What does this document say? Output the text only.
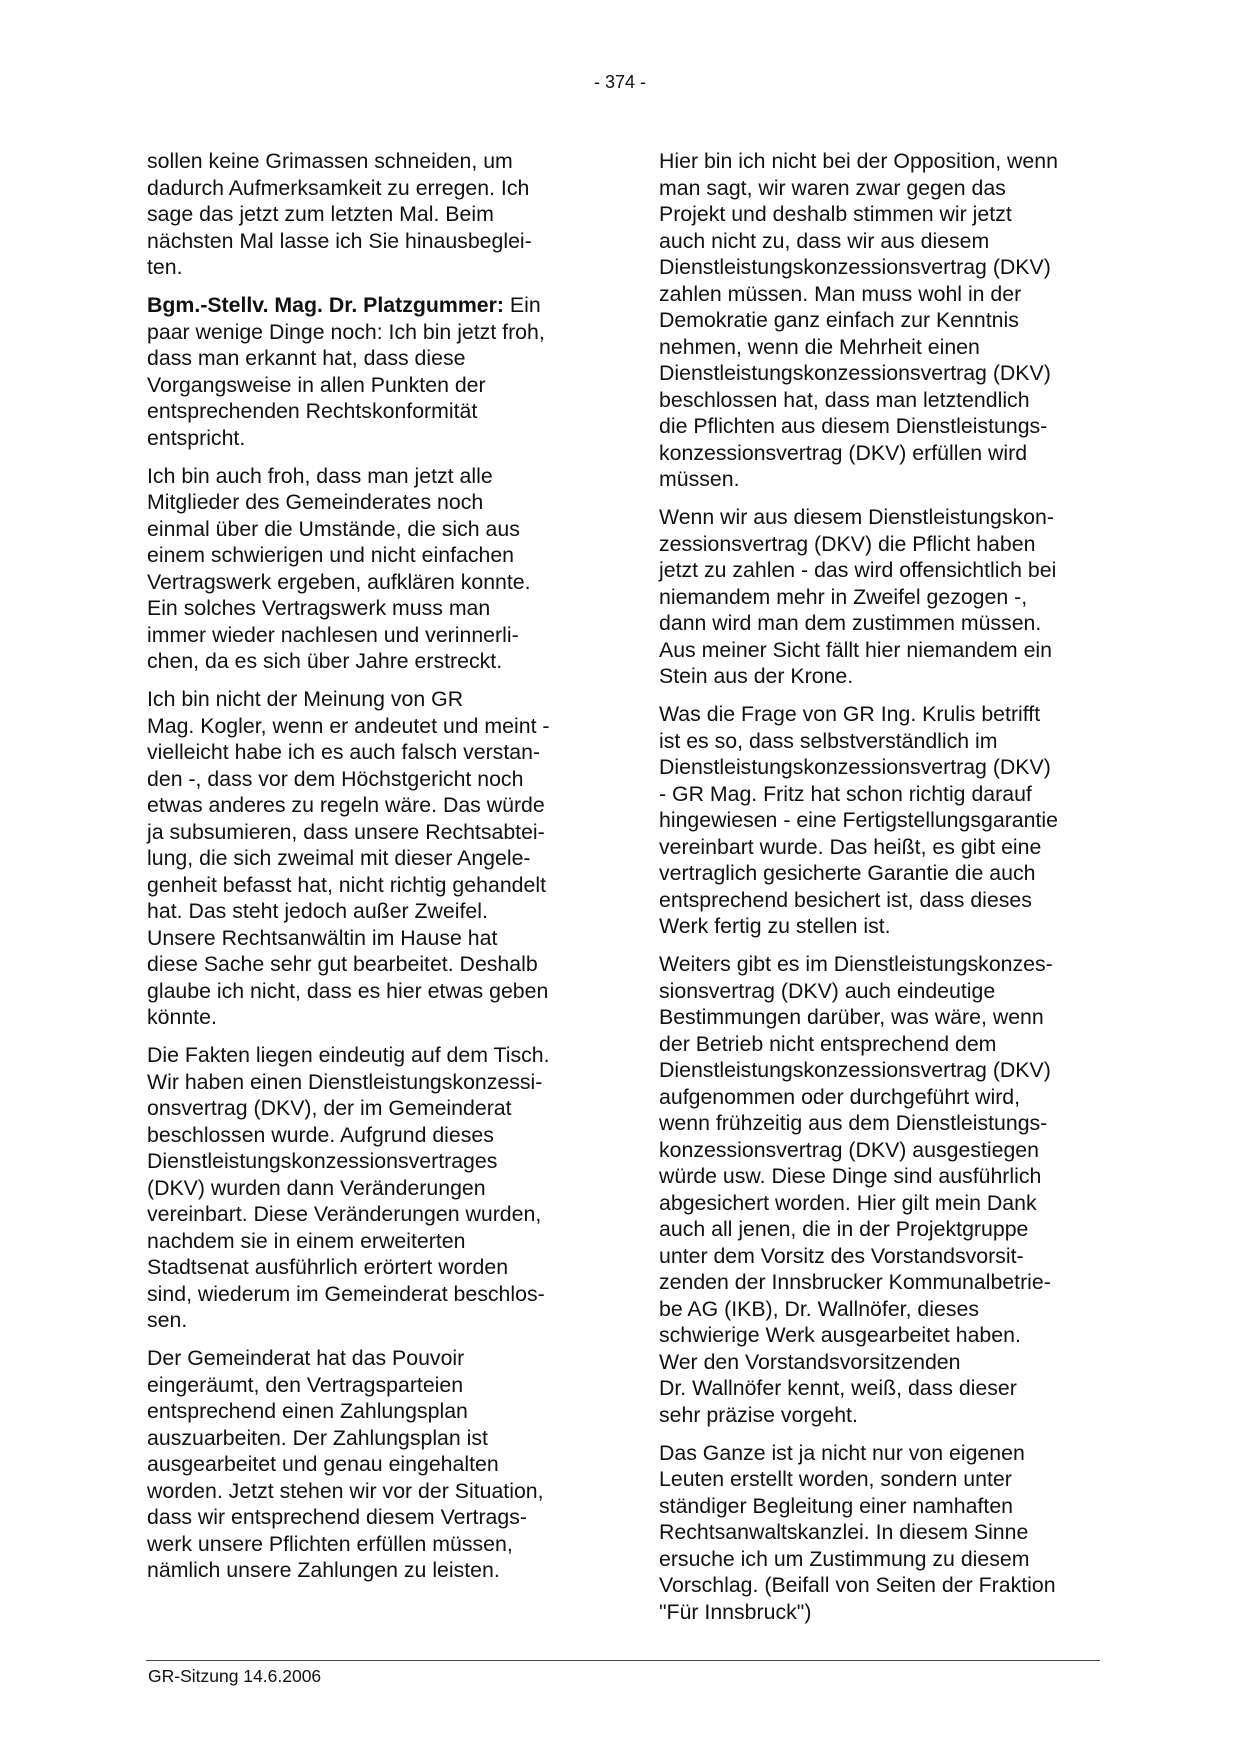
- 374 -
sollen keine Grimassen schneiden, um
dadurch Aufmerksamkeit zu erregen. Ich
sage das jetzt zum letzten Mal. Beim
nächsten Mal lasse ich Sie hinausbeglei-
ten.
Bgm.-Stellv. Mag. Dr. Platzgummer: Ein
paar wenige Dinge noch: Ich bin jetzt froh,
dass man erkannt hat, dass diese
Vorgangsweise in allen Punkten der
entsprechenden Rechtskonformität
entspricht.
Ich bin auch froh, dass man jetzt alle
Mitglieder des Gemeinderates noch
einmal über die Umstände, die sich aus
einem schwierigen und nicht einfachen
Vertragswerk ergeben, aufklären konnte.
Ein solches Vertragswerk muss man
immer wieder nachlesen und verinnerli-
chen, da es sich über Jahre erstreckt.
Ich bin nicht der Meinung von GR
Mag. Kogler, wenn er andeutet und meint -
vielleicht habe ich es auch falsch verstan-
den -, dass vor dem Höchstgericht noch
etwas anderes zu regeln wäre. Das würde
ja subsumieren, dass unsere Rechtsabtei-
lung, die sich zweimal mit dieser Angele-
genheit befasst hat, nicht richtig gehandelt
hat. Das steht jedoch außer Zweifel.
Unsere Rechtsanwältin im Hause hat
diese Sache sehr gut bearbeitet. Deshalb
glaube ich nicht, dass es hier etwas geben
könnte.
Die Fakten liegen eindeutig auf dem Tisch.
Wir haben einen Dienstleistungskonzessi-
onsvertrag (DKV), der im Gemeinderat
beschlossen wurde. Aufgrund dieses
Dienstleistungskonzessionsvertrages
(DKV) wurden dann Veränderungen
vereinbart. Diese Veränderungen wurden,
nachdem sie in einem erweiterten
Stadtsenat ausführlich erörtert worden
sind, wiederum im Gemeinderat beschlos-
sen.
Der Gemeinderat hat das Pouvoir
eingeräumt, den Vertragsparteien
entsprechend einen Zahlungsplan
auszuarbeiten. Der Zahlungsplan ist
ausgearbeitet und genau eingehalten
worden. Jetzt stehen wir vor der Situation,
dass wir entsprechend diesem Vertrags-
werk unsere Pflichten erfüllen müssen,
nämlich unsere Zahlungen zu leisten.
Hier bin ich nicht bei der Opposition, wenn
man sagt, wir waren zwar gegen das
Projekt und deshalb stimmen wir jetzt
auch nicht zu, dass wir aus diesem
Dienstleistungskonzessionsvertrag (DKV)
zahlen müssen. Man muss wohl in der
Demokratie ganz einfach zur Kenntnis
nehmen, wenn die Mehrheit einen
Dienstleistungskonzessionsvertrag (DKV)
beschlossen hat, dass man letztendlich
die Pflichten aus diesem Dienstleistungs-
konzessionsvertrag (DKV) erfüllen wird
müssen.
Wenn wir aus diesem Dienstleistungskon-
zessionsvertrag (DKV) die Pflicht haben
jetzt zu zahlen - das wird offensichtlich bei
niemandem mehr in Zweifel gezogen -,
dann wird man dem zustimmen müssen.
Aus meiner Sicht fällt hier niemandem ein
Stein aus der Krone.
Was die Frage von GR Ing. Krulis betrifft
ist es so, dass selbstverständlich im
Dienstleistungskonzessionsvertrag (DKV)
- GR Mag. Fritz hat schon richtig darauf
hingewiesen - eine Fertigstellungsgarantie
vereinbart wurde. Das heißt, es gibt eine
vertraglich gesicherte Garantie die auch
entsprechend besichert ist, dass dieses
Werk fertig zu stellen ist.
Weiters gibt es im Dienstleistungskonzes-
sionsvertrag (DKV) auch eindeutige
Bestimmungen darüber, was wäre, wenn
der Betrieb nicht entsprechend dem
Dienstleistungskonzessionsvertrag (DKV)
aufgenommen oder durchgeführt wird,
wenn frühzeitig aus dem Dienstleistungs-
konzessionsvertrag (DKV) ausgestiegen
würde usw. Diese Dinge sind ausführlich
abgesichert worden. Hier gilt mein Dank
auch all jenen, die in der Projektgruppe
unter dem Vorsitz des Vorstandsvorsit-
zenden der Innsbrucker Kommunalbetrie-
be AG (IKB), Dr. Wallnöfer, dieses
schwierige Werk ausgearbeitet haben.
Wer den Vorstandsvorsitzenden
Dr. Wallnöfer kennt, weiß, dass dieser
sehr präzise vorgeht.
Das Ganze ist ja nicht nur von eigenen
Leuten erstellt worden, sondern unter
ständiger Begleitung einer namhaften
Rechtsanwaltskanzlei. In diesem Sinne
ersuche ich um Zustimmung zu diesem
Vorschlag. (Beifall von Seiten der Fraktion
"Für Innsbruck")
GR-Sitzung 14.6.2006
